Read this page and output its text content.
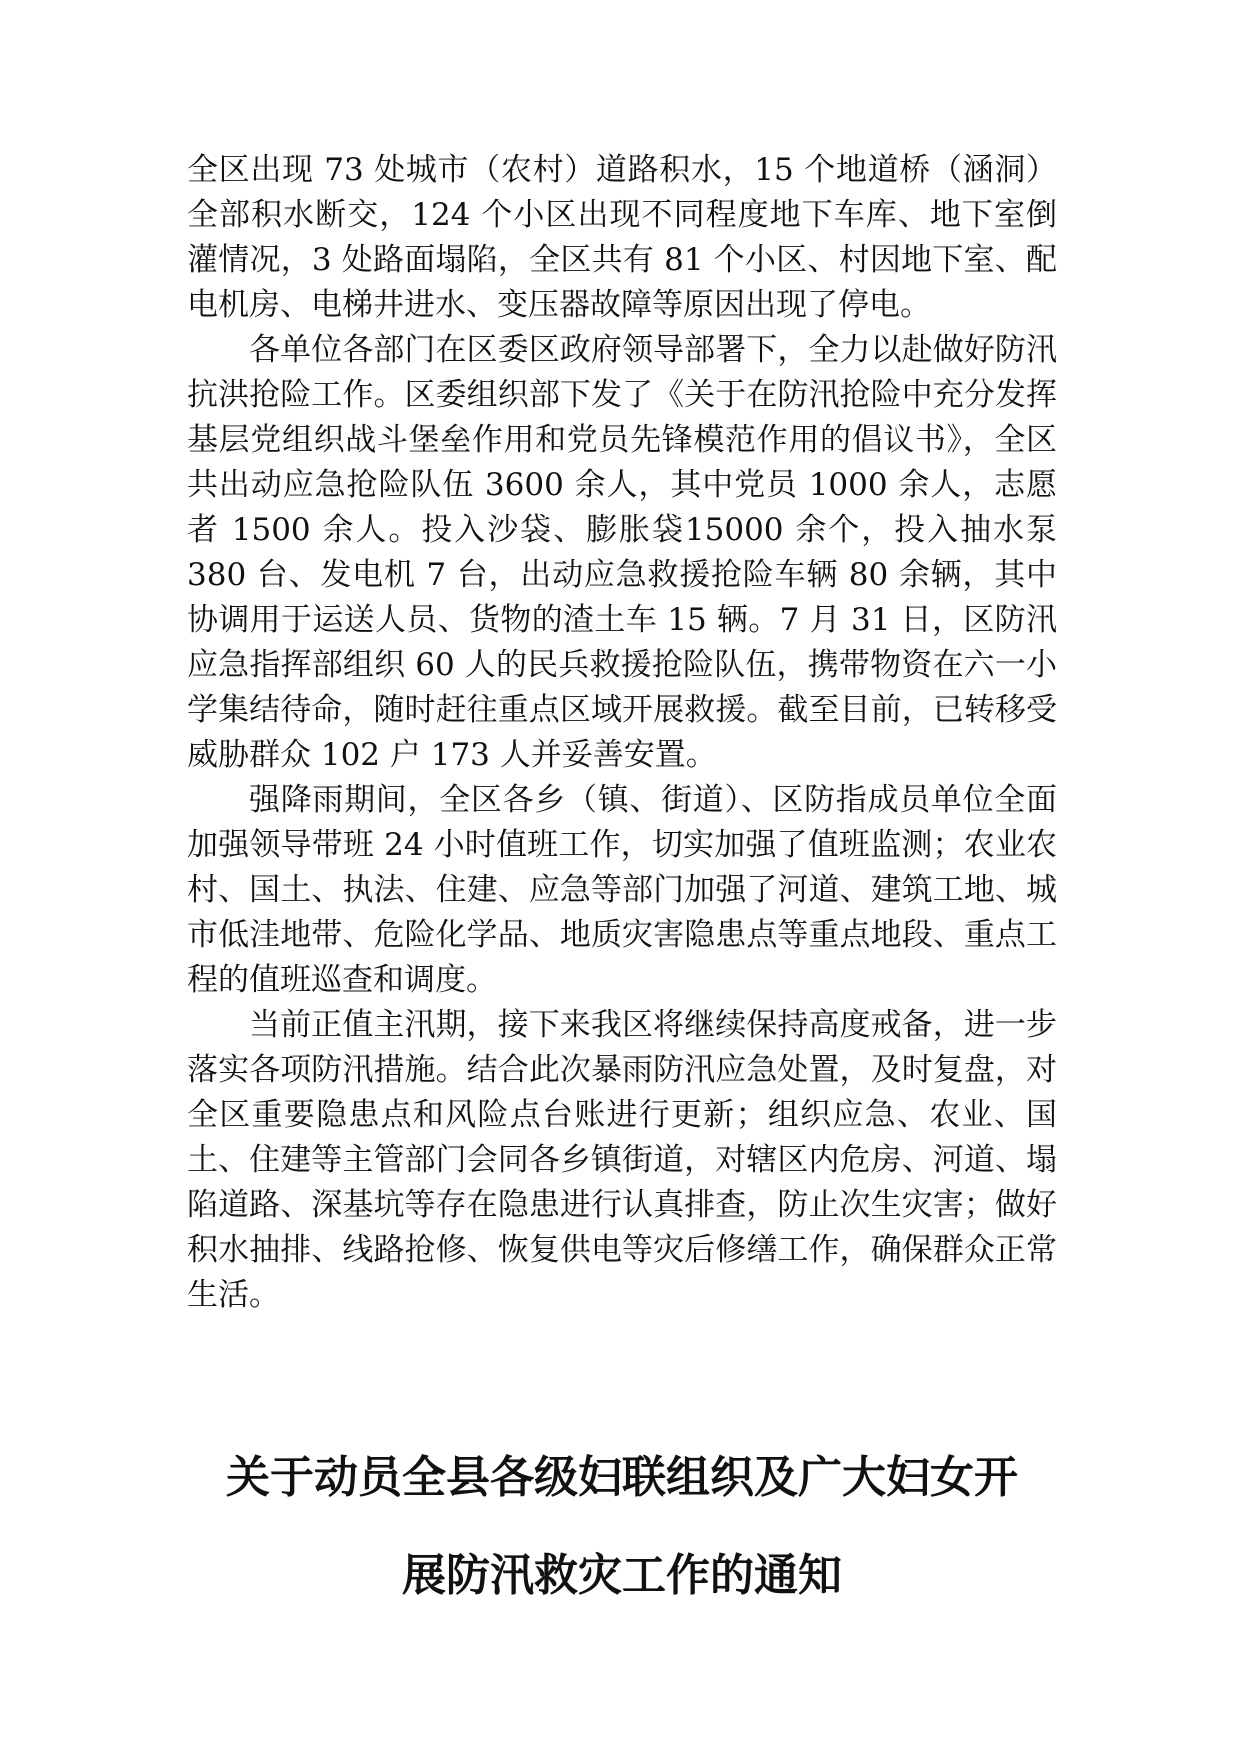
全区出现 73 处城市（农村）道路积水，15 个地道桥（涵洞）全部积水断交，124 个小区出现不同程度地下车库、地下室倒灌情况，3 处路面塌陷，全区共有 81 个小区、村因地下室、配电机房、电梯井进水、变压器故障等原因出现了停电。

各单位各部门在区委区政府领导部署下，全力以赴做好防汛抗洪抢险工作。区委组织部下发了《关于在防汛抢险中充分发挥基层党组织战斗堡垒作用和党员先锋模范作用的倡议书》，全区共出动应急抢险队伍 3600 余人，其中党员 1000 余人，志愿者 1500 余人。投入沙袋、膨胀袋15000 余个，投入抽水泵 380 台、发电机 7 台，出动应急救援抢险车辆 80 余辆，其中协调用于运送人员、货物的渣土车 15 辆。7 月 31 日，区防汛应急指挥部组织 60 人的民兵救援抢险队伍，携带物资在六一小学集结待命，随时赶往重点区域开展救援。截至目前，已转移受威胁群众 102 户 173 人并妥善安置。

强降雨期间，全区各乡（镇、街道）、区防指成员单位全面加强领导带班 24 小时值班工作，切实加强了值班监测；农业农村、国土、执法、住建、应急等部门加强了河道、建筑工地、城市低洼地带、危险化学品、地质灾害隐患点等重点地段、重点工程的值班巡查和调度。

当前正值主汛期，接下来我区将继续保持高度戒备，进一步落实各项防汛措施。结合此次暴雨防汛应急处置，及时复盘，对全区重要隐患点和风险点台账进行更新；组织应急、农业、国土、住建等主管部门会同各乡镇街道，对辖区内危房、河道、塌陷道路、深基坑等存在隐患进行认真排查，防止次生灾害；做好积水抽排、线路抢修、恢复供电等灾后修缮工作，确保群众正常生活。

关于动员全县各级妇联组织及广大妇女开
展防汛救灾工作的通知
